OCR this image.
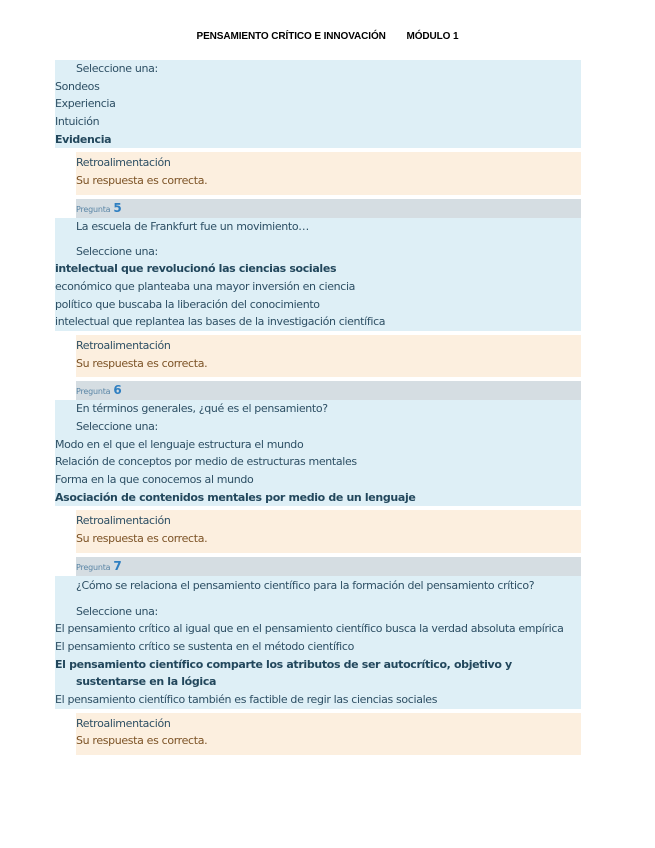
PENSAMIENTO CRÍTICO E INNOVACIÓN MÓDULO 1
Seleccione una:
Sondeos
Experiencia
Intuición
Evidencia
Retroalimentación
Su respuesta es correcta.
Pregunta 5
La escuela de Frankfurt fue un movimiento…
Seleccione una:
intelectual que revolucionó las ciencias sociales
económico que planteaba una mayor inversión en ciencia
político que buscaba la liberación del conocimiento
intelectual que replantea las bases de la investigación científica
Retroalimentación
Su respuesta es correcta.
Pregunta 6
En términos generales, ¿qué es el pensamiento?
Seleccione una:
Modo en el que el lenguaje estructura el mundo
Relación de conceptos por medio de estructuras mentales
Forma en la que conocemos al mundo
Asociación de contenidos mentales por medio de un lenguaje
Retroalimentación
Su respuesta es correcta.
Pregunta 7
¿Cómo se relaciona el pensamiento científico para la formación del pensamiento crítico?
Seleccione una:
El pensamiento crítico al igual que en el pensamiento científico busca la verdad absoluta empírica
El pensamiento crítico se sustenta en el método científico
El pensamiento científico comparte los atributos de ser autocrítico, objetivo y sustentarse en la lógica
El pensamiento científico también es factible de regir las ciencias sociales
Retroalimentación
Su respuesta es correcta.
